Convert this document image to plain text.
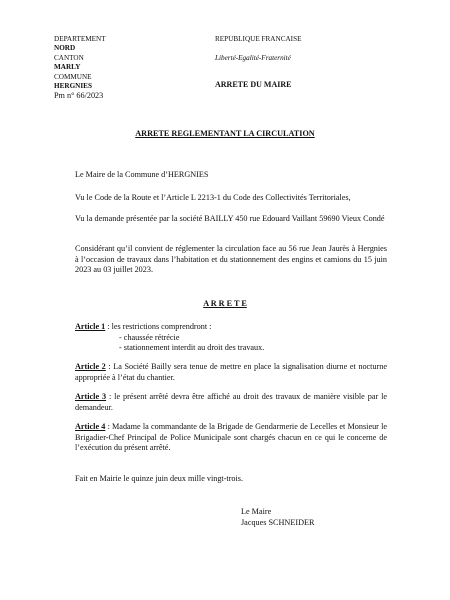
DEPARTEMENT
NORD
CANTON
MARLY
COMMUNE
HERGNIES
Pm n° 66/2023
REPUBLIQUE FRANCAISE
Liberté-Egalité-Fraternité
ARRETE DU MAIRE
ARRETE REGLEMENTANT LA CIRCULATION
Le Maire de la Commune d’HERGNIES
Vu le Code de la Route et l’Article L 2213-1 du Code des Collectivités Territoriales,
Vu la demande présentée par la société BAILLY 450 rue Edouard Vaillant 59690 Vieux Condé
Considérant qu’il convient de réglementer la circulation face au 56 rue Jean Jaurès à Hergnies à l’occasion de travaux dans l’habitation et du stationnement des engins et camions du 15 juin 2023 au 03 juillet 2023.
A R R E T E
Article 1 : les restrictions comprendront :
- chaussée rétrécie
- stationnement interdit au droit des travaux.
Article 2 : La Société Bailly sera tenue de mettre en place la signalisation diurne et nocturne appropriée à l’état du chantier.
Article 3 : le présent arrêté devra être affiché au droit des travaux de manière visible par le demandeur.
Article 4 : Madame la commandante de la Brigade de Gendarmerie de Lecelles et Monsieur le Brigadier-Chef Principal de Police Municipale sont chargés chacun en ce qui le concerne de l’exécution du présent arrêté.
Fait en Mairie le quinze juin deux mille vingt-trois.
Le Maire
Jacques SCHNEIDER
